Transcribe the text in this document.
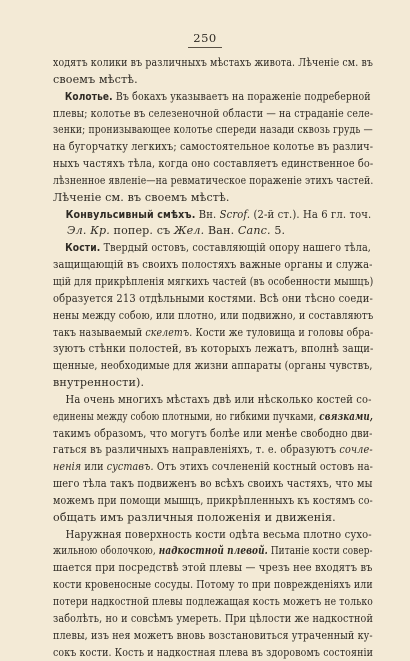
250
ходятъ колики въ различныхъ мѣстахъ живота. Лѣченіе см. въ
своемъ мѣстѣ.
Колотье. Въ бокахъ указываетъ на пораженіе подреберной
плевы; колотье въ селезеночной области — на страданіе селе-
зенки; пронизывающее колотье спереди назади сквозь грудь —
на бугорчатку легкихъ; самостоятельное колотье въ различ-
ныхъ частяхъ тѣла, когда оно составляетъ единственное бо-
лѣзненное явленіе—на ревматическое пораженіе этихъ частей.
Лѣченіе см. въ своемъ мѣстѣ.
Конвульсивный смѣхъ. Вн. Scrof. (2-й ст.). На 6 гл. точ.
Эл. Кр. попер. съ Жел. Ван. Сапс. 5.
Кости. Твердый остовъ, составляющій опору нашего тѣла,
защищающій въ своихъ полостяхъ важные органы и служа-
щій для прикрѣпленія мягкихъ частей (въ особенности мышцъ)
образуется 213 отдѣльными костями. Всѣ они тѣсно соеди-
нены между собою, или плотно, или подвижно, и составляютъ
такъ называемый скелетъ. Кости же туловища и головы обра-
зуютъ стѣнки полостей, въ которыхъ лежатъ, вполнѣ защи-
щенные, необходимые для жизни аппараты (органы чувствъ,
внутренности).
На очень многихъ мѣстахъ двѣ или нѣсколько костей со-
единены между собою плотными, но гибкими пучками, связками,
такимъ образомъ, что могутъ болѣе или менѣе свободно дви-
гаться въ различныхъ направленіяхъ, т. е. образуютъ сочле-
ненія или суставъ. Отъ этихъ сочлененій костный остовъ на-
шего тѣла такъ подвиженъ во всѣхъ своихъ частяхъ, что мы
можемъ при помощи мышцъ, прикрѣпленныхъ къ костямъ со-
общать имъ различныя положенія и движенія.
Наружная поверхность кости одѣта весьма плотно сухо-
жильною оболочкою, надкостной плевой. Питаніе кости совер-
шается при посредствѣ этой плевы — чрезъ нее входятъ въ
кости кровеносные сосуды. Потому то при поврежденіяхъ или
потери надкостной плевы подлежащая кость можетъ не только
заболѣть, но и совсѣмъ умереть. При цѣлости же надкостной
плевы, изъ нея можетъ вновь возстановиться утраченный ку-
сокъ кости. Кость и надкостная плева въ здоровомъ состояніи
